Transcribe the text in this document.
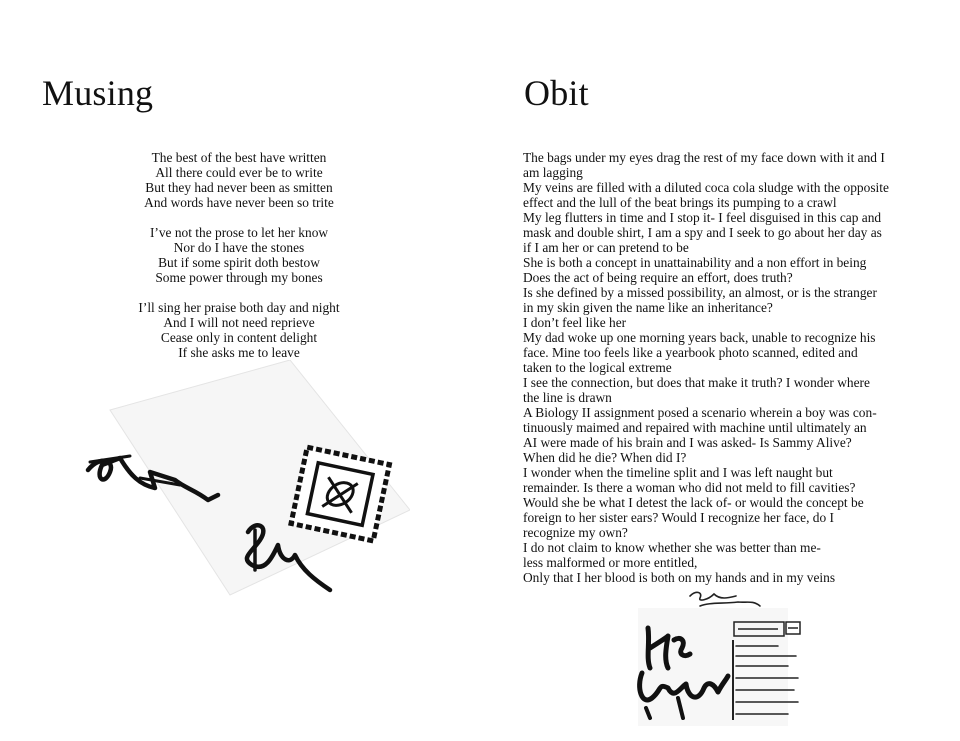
Musing
The best of the best have written
All there could ever be to write
But they had never been as smitten
And words have never been so trite
I’ve not the prose to let her know
Nor do I have the stones
But if some spirit doth bestow
Some power through my bones
I’ll sing her praise both day and night
And I will not need reprieve
Cease only in content delight
If she asks me to leave
Obit
The bags under my eyes drag the rest of my face down with it and I
am lagging
My veins are filled with a diluted coca cola sludge with the opposite
effect and the lull of the beat brings its pumping to a crawl
My leg flutters in time and I stop it- I feel disguised in this cap and
mask and double shirt, I am a spy and I seek to go about her day as
if I am her or can pretend to be
She is both a concept in unattainability and a non effort in being
Does the act of being require an effort, does truth?
Is she defined by a missed possibility, an almost, or is the stranger
in my skin given the name like an inheritance?
I don’t feel like her
My dad woke up one morning years back, unable to recognize his
face. Mine too feels like a yearbook photo scanned, edited and
taken to the logical extreme
I see the connection, but does that make it truth? I wonder where
the line is drawn
A Biology II assignment posed a scenario wherein a boy was con-
tinuously maimed and repaired with machine until ultimately an
AI were made of his brain and I was asked- Is Sammy Alive?
When did he die? When did I?
I wonder when the timeline split and I was left naught but
remainder. Is there a woman who did not meld to fill cavities?
Would she be what I detest the lack of- or would the concept be
foreign to her sister ears? Would I recognize her face, do I
recognize my own?
I do not claim to know whether she was better than me-
less malformed or more entitled,
Only that I her blood is both on my hands and in my veins
